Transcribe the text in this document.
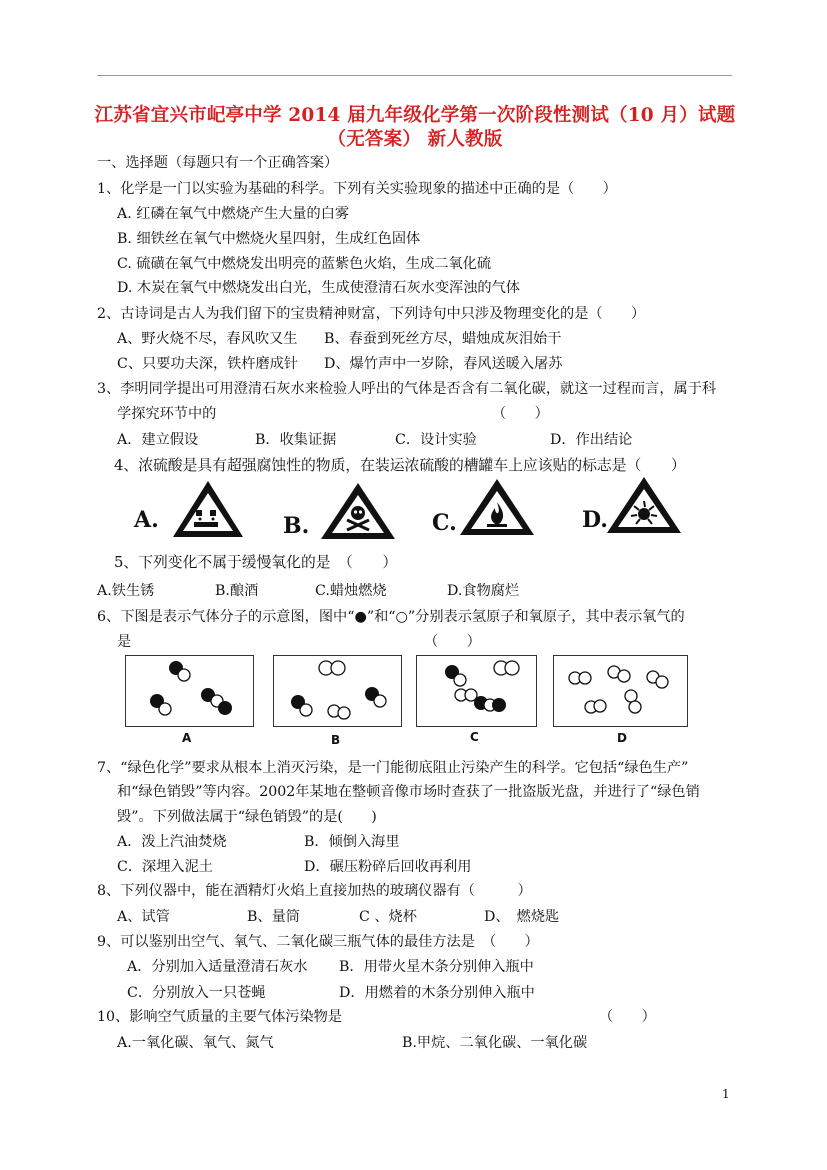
江苏省宜兴市屺亭中学 2014 届九年级化学第一次阶段性测试（10 月）试题
（无答案） 新人教版
一、选择题（每题只有一个正确答案）
1、化学是一门以实验为基础的科学。下列有关实验现象的描述中正确的是（　　）
A. 红磷在氧气中燃烧产生大量的白雾
B. 细铁丝在氧气中燃烧火星四射，生成红色固体
C. 硫磺在氧气中燃烧发出明亮的蓝紫色火焰，生成二氧化硫
D. 木炭在氧气中燃烧发出白光，生成使澄清石灰水变浑浊的气体
2、古诗词是古人为我们留下的宝贵精神财富，下列诗句中只涉及物理变化的是（　　）
A、野火烧不尽，春风吹又生 B、春蚕到死丝方尽，蜡烛成灰泪始干
C、只要功夫深，铁杵磨成针 D、爆竹声中一岁除，春风送暖入屠苏
3、李明同学提出可用澄清石灰水来检验人呼出的气体是否含有二氧化碳，就这一过程而言，属于科
学探究环节中的	（　　）
A．建立假设	B．收集证据	C．设计实验	D．作出结论
4、浓硫酸是具有超强腐蚀性的物质，在装运浓硫酸的槽罐车上应该贴的标志是（　　）
A.	B.	C.	D.
5、下列变化不属于缓慢氧化的是　（　　）
A.铁生锈	B.酿酒	C.蜡烛燃烧	D.食物腐烂
6、下图是表示气体分子的示意图，图中“●”和“○”分别表示氢原子和氧原子，其中表示氧气的
是	（　　）
A	B	C	D
7、“绿色化学”要求从根本上消灭污染，是一门能彻底阻止污染产生的科学。它包括“绿色生产”
和“绿色销毁”等内容。2002年某地在整顿音像市场时查获了一批盗版光盘，并进行了“绿色销
毁”。下列做法属于“绿色销毁”的是(　　)
A．泼上汽油焚烧	B．倾倒入海里
C．深埋入泥土	D．碾压粉碎后回收再利用
8、下列仪器中，能在酒精灯火焰上直接加热的玻璃仪器有（　　　）
A、试管	B、量筒	C 、烧杯	D、　燃烧匙
9、可以鉴别出空气、氧气、二氧化碳三瓶气体的最佳方法是　（　　）
A．分别加入适量澄清石灰水 B．用带火星木条分别伸入瓶中
C．分别放入一只苍蝇	D．用燃着的木条分别伸入瓶中
10、影响空气质量的主要气体污染物是	（　　）
A.一氧化碳、氧气、氮气	B.甲烷、二氧化碳、一氧化碳
1
